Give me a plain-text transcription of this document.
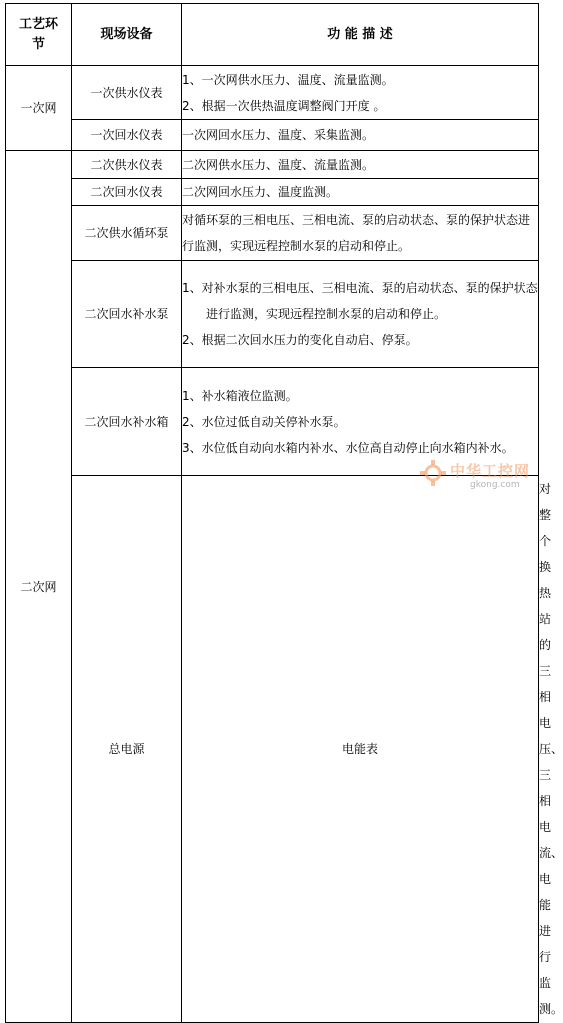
工艺环节	现场设备	功 能 描 述	
一次网	一次供水仪表	1、一次网供水压力、温度、流量监测。

2、根据一次供热温度调整阀门开度 。	

	一次回水仪表	一次网回水压力、温度、采集监测。	
二次网	二次供水仪表	二次网供水压力、温度、流量监测。	
	二次回水仪表	二次网回水压力、温度监测。	
	二次供水循环泵	对循环泵的三相电压、三相电流、泵的启动状态、泵的保护状态进行监测，实现远程控制水泵的启动和停止。	
	二次回水补水泵	1、对补水泵的三相电压、三相电流、泵的启动状态、泵的保护状态进行监测，实现远程控制水泵的启动和停止。

2、根据二次回水压力的变化自动启、停泵。	

	二次回水补水箱	1、补水箱液位监测。

2、水位过低自动关停补水泵。

3、水位低自动向水箱内补水、水位高自动停止向水箱内补水。	

	总电源	电能表	对整个换热站的三相电压、三相电流、电能进行监测。
中华工控网
gkong.com
